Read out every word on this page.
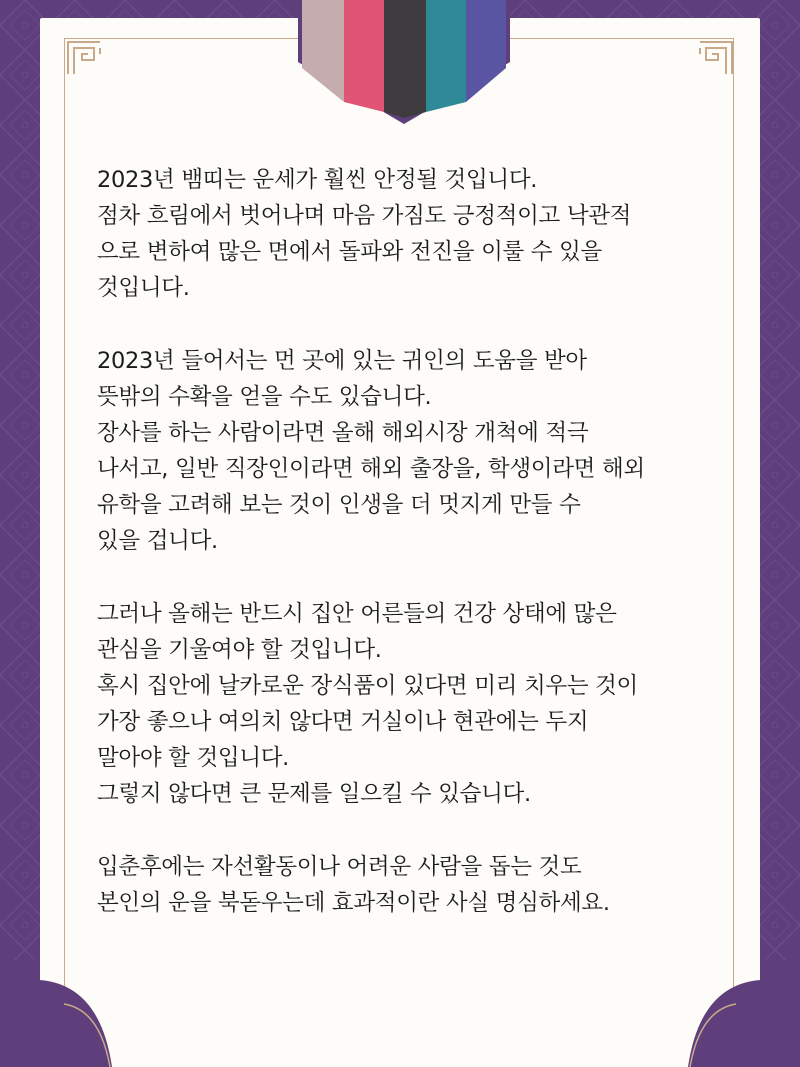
2023년 뱀띠는 운세가 훨씬 안정될 것입니다.
점차 흐림에서 벗어나며 마음 가짐도 긍정적이고 낙관적
으로 변하여 많은 면에서 돌파와 전진을 이룰 수 있을
것입니다.
2023년 들어서는 먼 곳에 있는 귀인의 도움을 받아
뜻밖의 수확을 얻을 수도 있습니다.
장사를 하는 사람이라면 올해 해외시장 개척에 적극
나서고, 일반 직장인이라면 해외 출장을, 학생이라면 해외
유학을 고려해 보는 것이 인생을 더 멋지게 만들 수
있을 겁니다.
그러나 올해는 반드시 집안 어른들의 건강 상태에 많은
관심을 기울여야 할 것입니다.
혹시 집안에 날카로운 장식품이 있다면 미리 치우는 것이
가장 좋으나 여의치 않다면 거실이나 현관에는 두지
말아야 할 것입니다.
그렇지 않다면 큰 문제를 일으킬 수 있습니다.
입춘후에는 자선활동이나 어려운 사람을 돕는 것도
본인의 운을 북돋우는데 효과적이란 사실 명심하세요.
